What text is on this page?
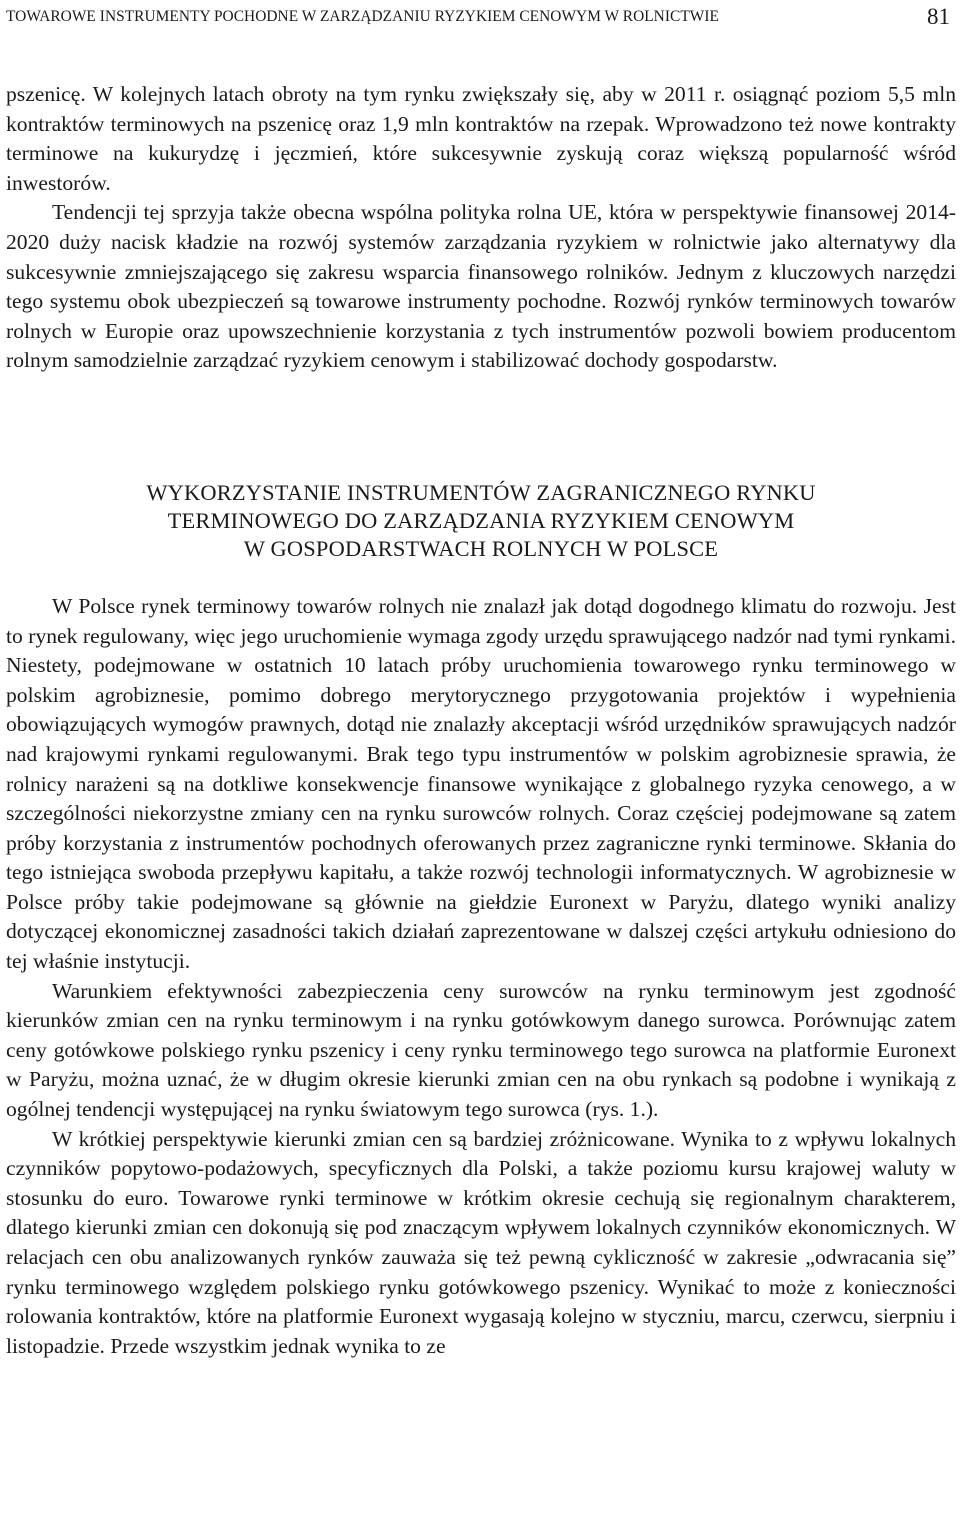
TOWAROWE INSTRUMENTY POCHODNE W ZARZĄDZANIU RYZYKIEM CENOWYM W ROLNICTWIE	81

pszenicę. W kolejnych latach obroty na tym rynku zwiększały się, aby w 2011 r. osiągnąć poziom 5,5 mln kontraktów terminowych na pszenicę oraz 1,9 mln kontraktów na rzepak. Wprowadzono też nowe kontrakty terminowe na kukurydzę i jęczmień, które sukcesywnie zyskują coraz większą popularność wśród inwestorów.

Tendencji tej sprzyja także obecna wspólna polityka rolna UE, która w perspektywie finansowej 2014-2020 duży nacisk kładzie na rozwój systemów zarządzania ryzykiem w rolnictwie jako alternatywy dla sukcesywnie zmniejszającego się zakresu wsparcia finansowego rolników. Jednym z kluczowych narzędzi tego systemu obok ubezpieczeń są towarowe instrumenty pochodne. Rozwój rynków terminowych towarów rolnych w Europie oraz upowszechnienie korzystania z tych instrumentów pozwoli bowiem producentom rolnym samodzielnie zarządzać ryzykiem cenowym i stabilizować dochody gospodarstw.

WYKORZYSTANIE INSTRUMENTÓW ZAGRANICZNEGO RYNKU
TERMINOWEGO DO ZARZĄDZANIA RYZYKIEM CENOWYM
W GOSPODARSTWACH ROLNYCH W POLSCE

W Polsce rynek terminowy towarów rolnych nie znalazł jak dotąd dogodnego klimatu do rozwoju. Jest to rynek regulowany, więc jego uruchomienie wymaga zgody urzędu sprawującego nadzór nad tymi rynkami. Niestety, podejmowane w ostatnich 10 latach próby uruchomienia towarowego rynku terminowego w polskim agrobiznesie, pomimo dobrego merytorycznego przygotowania projektów i wypełnienia obowiązujących wymogów prawnych, dotąd nie znalazły akceptacji wśród urzędników sprawujących nadzór nad krajowymi rynkami regulowanymi. Brak tego typu instrumentów w polskim agrobiznesie sprawia, że rolnicy narażeni są na dotkliwe konsekwencje finansowe wynikające z globalnego ryzyka cenowego, a w szczególności niekorzystne zmiany cen na rynku surowców rolnych. Coraz częściej podejmowane są zatem próby korzystania z instrumentów pochodnych oferowanych przez zagraniczne rynki terminowe. Skłania do tego istniejąca swoboda przepływu kapitału, a także rozwój technologii informatycznych. W agrobiznesie w Polsce próby takie podejmowane są głównie na giełdzie Euronext w Paryżu, dlatego wyniki analizy dotyczącej ekonomicznej zasadności takich działań zaprezentowane w dalszej części artykułu odniesiono do tej właśnie instytucji.

Warunkiem efektywności zabezpieczenia ceny surowców na rynku terminowym jest zgodność kierunków zmian cen na rynku terminowym i na rynku gotówkowym danego surowca. Porównując zatem ceny gotówkowe polskiego rynku pszenicy i ceny rynku terminowego tego surowca na platformie Euronext w Paryżu, można uznać, że w długim okresie kierunki zmian cen na obu rynkach są podobne i wynikają z ogólnej tendencji występującej na rynku światowym tego surowca (rys. 1.).

W krótkiej perspektywie kierunki zmian cen są bardziej zróżnicowane. Wynika to z wpływu lokalnych czynników popytowo-podażowych, specyficznych dla Polski, a także poziomu kursu krajowej waluty w stosunku do euro. Towarowe rynki terminowe w krótkim okresie cechują się regionalnym charakterem, dlatego kierunki zmian cen dokonują się pod znaczącym wpływem lokalnych czynników ekonomicznych. W relacjach cen obu analizowanych rynków zauważa się też pewną cykliczność w zakresie „odwracania się” rynku terminowego względem polskiego rynku gotówkowego pszenicy. Wynikać to może z konieczności rolowania kontraktów, które na platformie Euronext wygasają kolejno w styczniu, marcu, czerwcu, sierpniu i listopadzie. Przede wszystkim jednak wynika to ze
